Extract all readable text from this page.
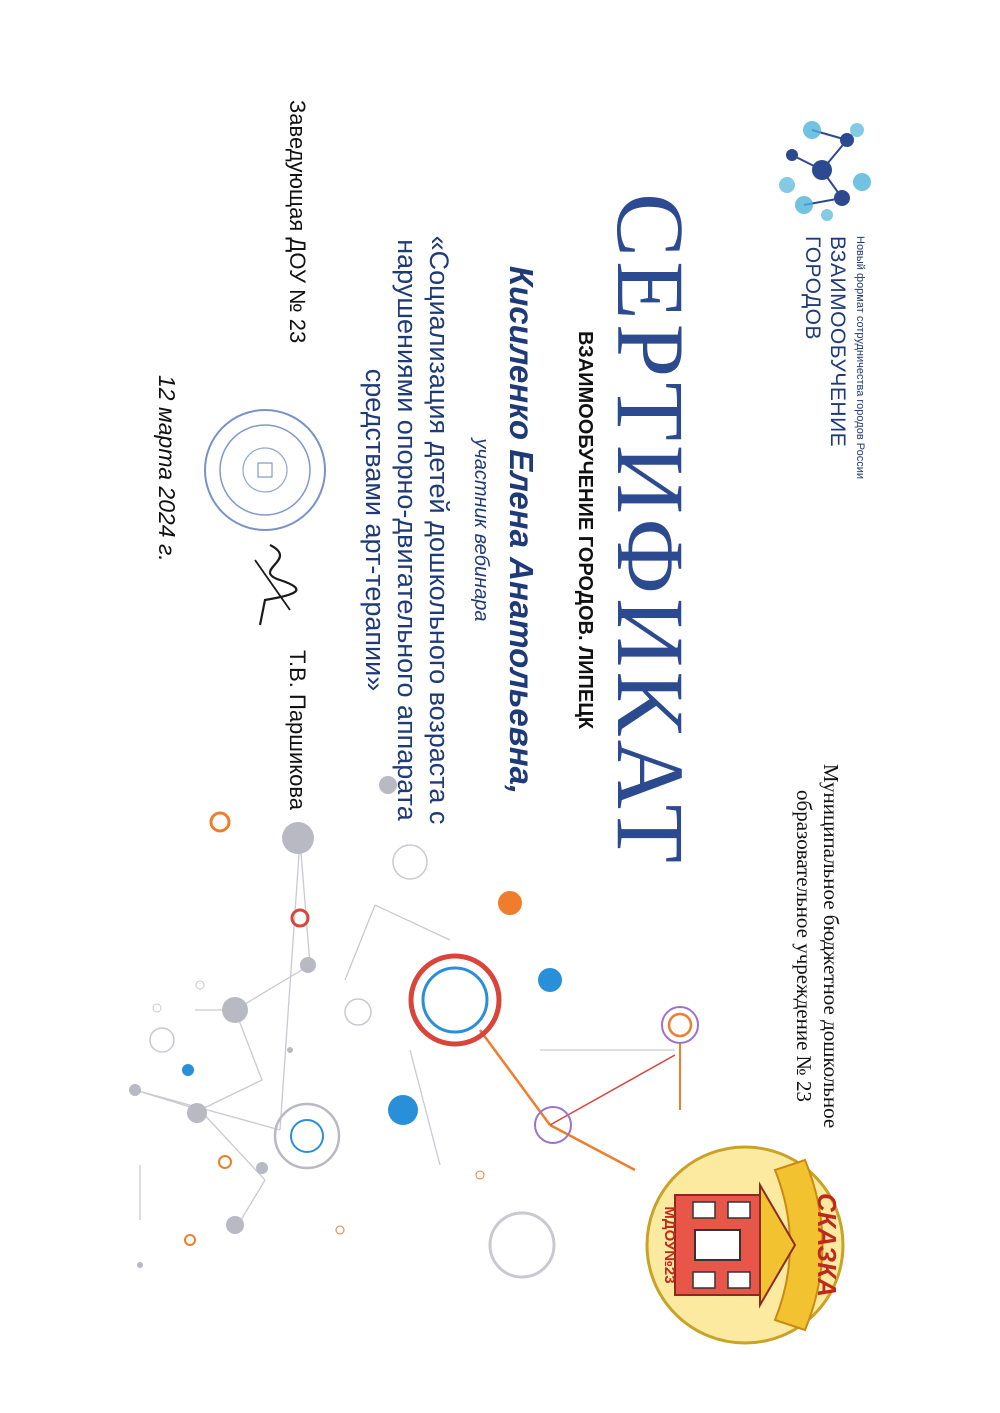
Новый формат сотрудничества городов России
ВЗАИМООБУЧЕНИЕ
ГОРОДОВ
Муниципальное бюджетное дошкольное
образовательное учреждение № 23
СКАЗКА
МДОУ№23
СЕРТИФИКАТ
ВЗАИМООБУЧЕНИЕ ГОРОДОВ. ЛИПЕЦК
Кисиленко Елена Анатольевна,
участник вебинара
«Социализация детей дошкольного возраста с
нарушениями опорно-двигательного аппарата
средствами арт-терапии»
Заведующая ДОУ № 23
Т.В. Паршикова
12 марта 2024 г.
